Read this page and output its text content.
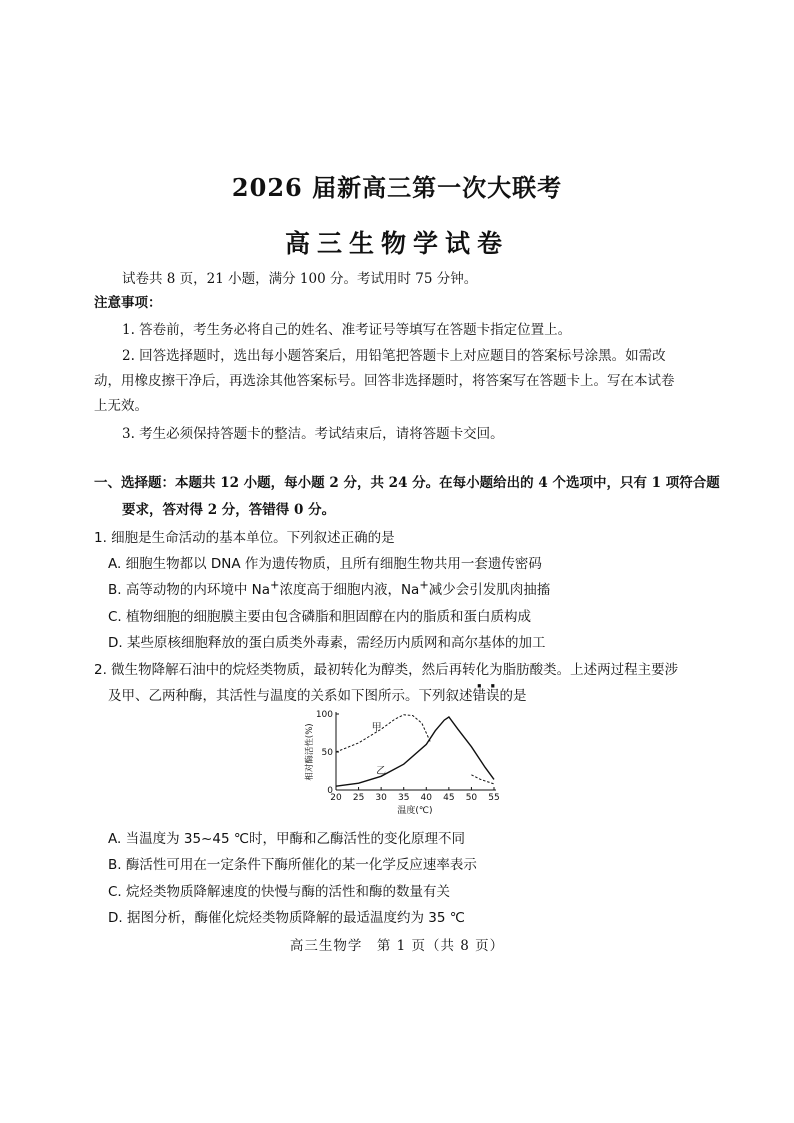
2026 届新高三第一次大联考
高三生物学试卷
试卷共 8 页，21 小题，满分 100 分。考试用时 75 分钟。
注意事项：
1. 答卷前，考生务必将自己的姓名、准考证号等填写在答题卡指定位置上。
2. 回答选择题时，选出每小题答案后，用铅笔把答题卡上对应题目的答案标号涂黑。如需改
动，用橡皮擦干净后，再选涂其他答案标号。回答非选择题时，将答案写在答题卡上。写在本试卷
上无效。
3. 考生必须保持答题卡的整洁。考试结束后，请将答题卡交回。
一、选择题：本题共 12 小题，每小题 2 分，共 24 分。在每小题给出的 4 个选项中，只有 1 项符合题
要求，答对得 2 分，答错得 0 分。
1. 细胞是生命活动的基本单位。下列叙述正确的是
A. 细胞生物都以 DNA 作为遗传物质，且所有细胞生物共用一套遗传密码
B. 高等动物的内环境中 Na+浓度高于细胞内液，Na+减少会引发肌肉抽搐
C. 植物细胞的细胞膜主要由包含磷脂和胆固醇在内的脂质和蛋白质构成
D. 某些原核细胞释放的蛋白质类外毒素，需经历内质网和高尔基体的加工
2. 微生物降解石油中的烷烃类物质，最初转化为醇类，然后再转化为脂肪酸类。上述两过程主要涉
及甲、乙两种酶，其活性与温度的关系如下图所示。下列叙述错误的是
20 25 30 35 40 45 50 55
0
50
100
温度(℃)
相对酶活性(%)	甲
乙
A. 当温度为 35~45 ℃时，甲酶和乙酶活性的变化原理不同
B. 酶活性可用在一定条件下酶所催化的某一化学反应速率表示
C. 烷烃类物质降解速度的快慢与酶的活性和酶的数量有关
D. 据图分析，酶催化烷烃类物质降解的最适温度约为 35 ℃
高三生物学　第 1 页（共 8 页）
